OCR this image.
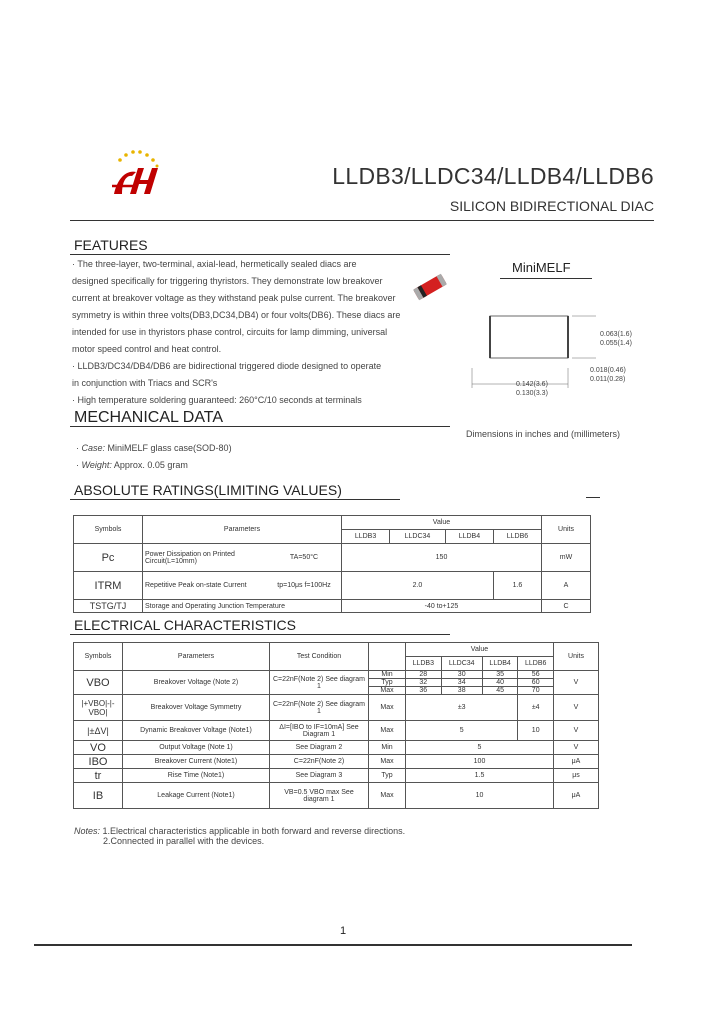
LLDB3/LLDC34/LLDB4/LLDB6
SILICON BIDIRECTIONAL DIAC
FEATURES
· The three-layer, two-terminal, axial-lead, hermetically sealed diacs are
designed specifically for triggering thyristors. They demonstrate low breakover
current at breakover voltage as they withstand peak pulse current. The breakover
symmetry is within three volts(DB3,DC34,DB4) or four volts(DB6). These diacs are
intended for use in thyristors phase control, circuits for lamp dimming, universal
motor speed control and heat control.
· LLDB3/DC34/DB4/DB6 are bidirectional triggered diode designed to operate
in conjunction with Triacs and SCR's
· High temperature soldering guaranteed: 260°C/10 seconds at terminals
MiniMELF
0.063(1.6)
0.055(1.4)
0.018(0.46)
0.011(0.28)
0.142(3.6)
0.130(3.3)
Dimensions in inches and (millimeters)
MECHANICAL DATA
· Case: MiniMELF glass case(SOD-80)
· Weight: Approx. 0.05 gram
ABSOLUTE RATINGS(LIMITING VALUES)
Symbols	Parameters		Value				Units
			LLDB3	LLDC34	LLDB4	LLDB6	
Pc	Power Dissipation on Printed Circuit(L=10mm)	TA=50°C	150				mW
ITRM	Repetitive Peak on-state Current	tp=10μs f=100Hz	2.0			1.6	A
TSTG/TJ	Storage and Operating Junction Temperature		-40 to+125				C
ELECTRICAL CHARACTERISTICS
Symbols	Parameters	Test Condition		Value				Units
				LLDB3	LLDC34	LLDB4	LLDB6	
VBO	Breakover Voltage (Note 2)	C=22nF(Note 2) See diagram 1	Min	28	30	35	56	V
			Typ	32	34	40	60	
			Max	36	38	45	70	
|+VBO|-|-VBO|	Breakover Voltage Symmetry	C=22nF(Note 2) See diagram 1	Max	±3			±4	V
|±ΔV|	Dynamic Breakover Voltage (Note1)	ΔI=[IBO to IF=10mA] See Diagram 1	Max	5			10	V
VO	Output Voltage (Note 1)	See Diagram 2	Min	5				V
IBO	Breakover Current (Note1)	C=22nF(Note 2)	Max	100				μA
tr	Rise Time (Note1)	See Diagram 3	Typ	1.5				μs
IB	Leakage Current (Note1)	VB=0.5 VBO max See diagram 1	Max	10				μA
Notes: 1.Electrical characteristics applicable in both forward and reverse directions.
2.Connected in parallel with the devices.
1
